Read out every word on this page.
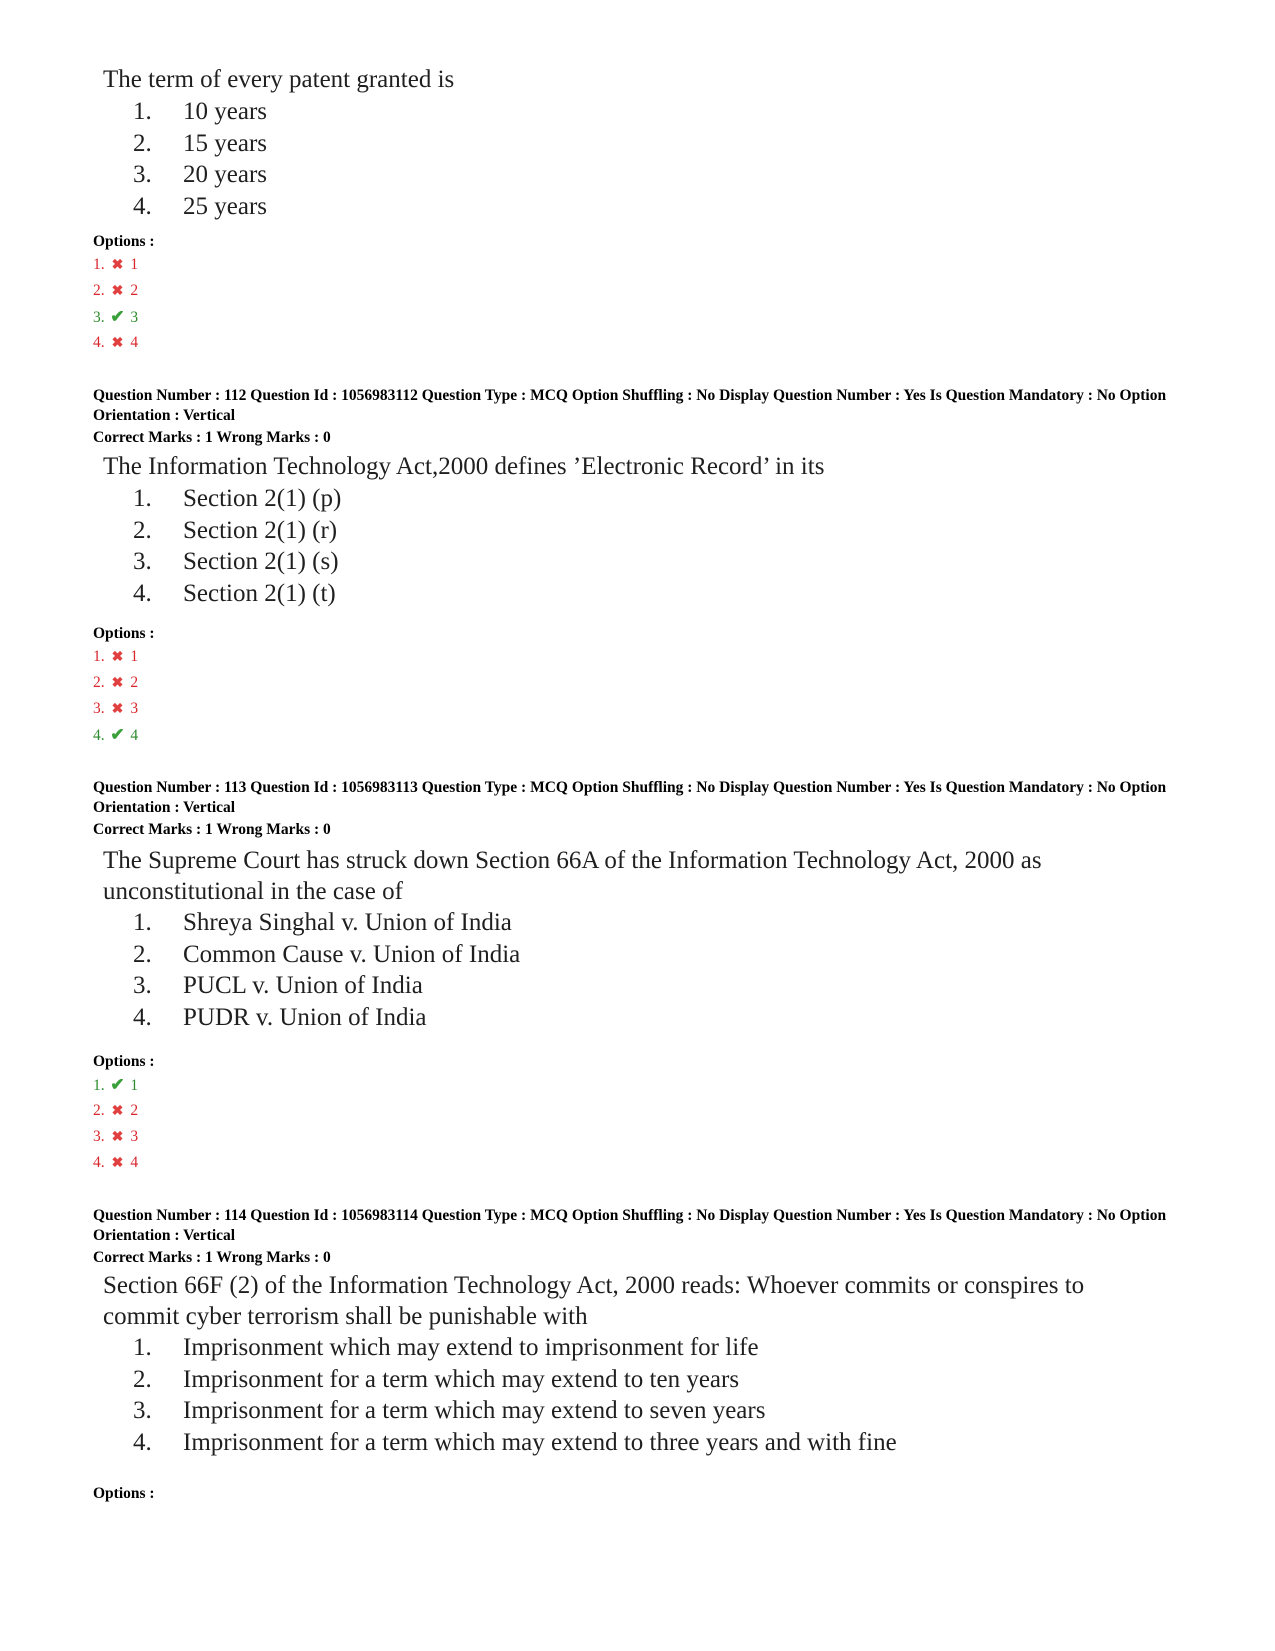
The term of every patent granted is
1. 10 years
2. 15 years
3. 20 years
4. 25 years
Options :
1. ✖ 1
2. ✖ 2
3. ✔ 3
4. ✖ 4
Question Number : 112 Question Id : 1056983112 Question Type : MCQ Option Shuffling : No Display Question Number : Yes Is Question Mandatory : No Option Orientation : Vertical
Correct Marks : 1 Wrong Marks : 0
The Information Technology Act,2000 defines ’Electronic Record’ in its
1. Section 2(1) (p)
2. Section 2(1) (r)
3. Section 2(1) (s)
4. Section 2(1) (t)
Options :
1. ✖ 1
2. ✖ 2
3. ✖ 3
4. ✔ 4
Question Number : 113 Question Id : 1056983113 Question Type : MCQ Option Shuffling : No Display Question Number : Yes Is Question Mandatory : No Option Orientation : Vertical
Correct Marks : 1 Wrong Marks : 0
The Supreme Court has struck down Section 66A of the Information Technology Act, 2000 as unconstitutional in the case of
1. Shreya Singhal v. Union of India
2. Common Cause v. Union of India
3. PUCL v. Union of India
4. PUDR v. Union of India
Options :
1. ✔ 1
2. ✖ 2
3. ✖ 3
4. ✖ 4
Question Number : 114 Question Id : 1056983114 Question Type : MCQ Option Shuffling : No Display Question Number : Yes Is Question Mandatory : No Option Orientation : Vertical
Correct Marks : 1 Wrong Marks : 0
Section 66F (2) of the Information Technology Act, 2000 reads: Whoever commits or conspires to commit cyber terrorism shall be punishable with
1. Imprisonment which may extend to imprisonment for life
2. Imprisonment for a term which may extend to ten years
3. Imprisonment for a term which may extend to seven years
4. Imprisonment for a term which may extend to three years and with fine
Options :
